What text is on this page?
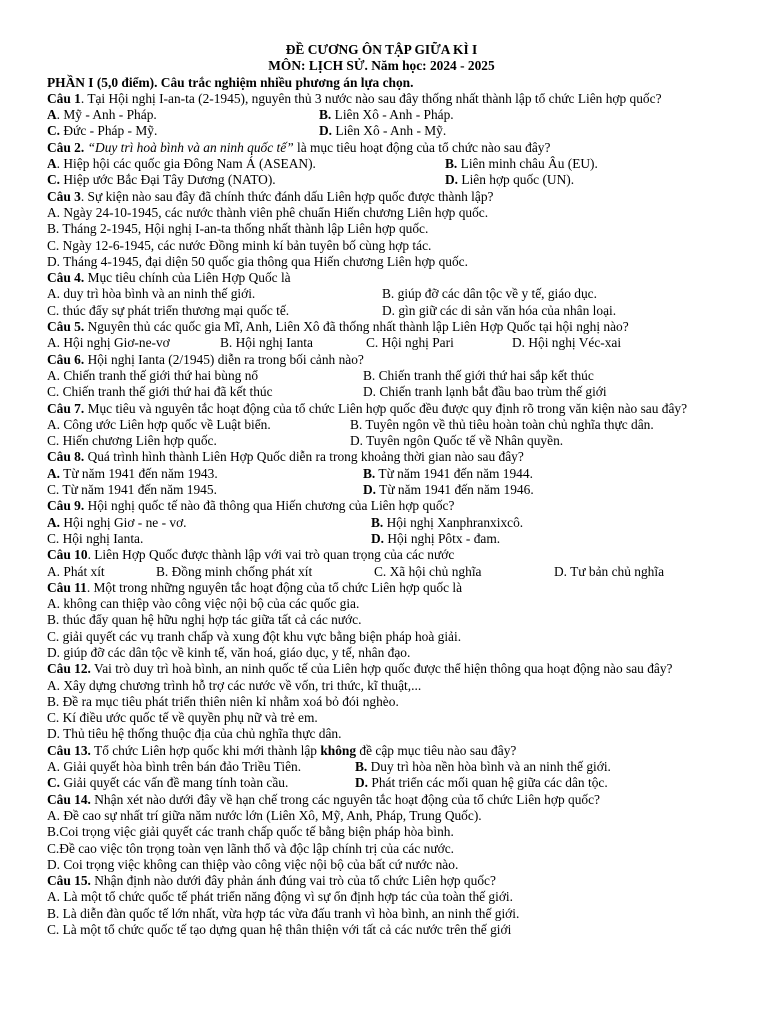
ĐỀ CƯƠNG ÔN TẬP GIỮA KÌ I
MÔN: LỊCH SỬ. Năm học: 2024 - 2025
PHẦN I (5,0 điểm). Câu trắc nghiệm nhiều phương án lựa chọn.
Câu 1. Tại Hội nghị I-an-ta (2-1945), nguyên thủ 3 nước nào sau đây thống nhất thành lập tổ chức Liên hợp quốc?
A. Mỹ - Anh - Pháp.	B. Liên Xô - Anh - Pháp.
C. Đức - Pháp - Mỹ.	D. Liên Xô - Anh - Mỹ.
Câu 2. “Duy trì hoà bình và an ninh quốc tế” là mục tiêu hoạt động của tổ chức nào sau đây?
A. Hiệp hội các quốc gia Đông Nam Á (ASEAN).	B. Liên minh châu Âu (EU).
C. Hiệp ước Bắc Đại Tây Dương (NATO).	D. Liên hợp quốc (UN).
Câu 3. Sự kiện nào sau đây đã chính thức đánh dấu Liên hợp quốc được thành lập?
A. Ngày 24-10-1945, các nước thành viên phê chuẩn Hiến chương Liên hợp quốc.
B. Tháng 2-1945, Hội nghị I-an-ta thống nhất thành lập Liên hợp quốc.
C. Ngày 12-6-1945, các nước Đồng minh kí bản tuyên bố cùng hợp tác.
D. Tháng 4-1945, đại diện 50 quốc gia thông qua Hiến chương Liên hợp quốc.
Câu 4. Mục tiêu chính của Liên Hợp Quốc là
A. duy trì hòa bình và an ninh thế giới.	B. giúp đỡ các dân tộc về y tế, giáo dục.
C. thúc đẩy sự phát triển thương mại quốc tế.	D. gìn giữ các di sản văn hóa của nhân loại.
Câu 5. Nguyên thủ các quốc gia Mĩ, Anh, Liên Xô đã thống nhất thành lập Liên Hợp Quốc tại hội nghị nào?
A. Hội nghị Giơ-ne-vơ	B. Hội nghị Ianta	C. Hội nghị Pari	D. Hội nghị Véc-xai
Câu 6. Hội nghị Ianta (2/1945) diễn ra trong bối cảnh nào?
A. Chiến tranh thế giới thứ hai bùng nổ	B. Chiến tranh thế giới thứ hai sắp kết thúc
C. Chiến tranh thế giới thứ hai đã kết thúc	D. Chiến tranh lạnh bắt đầu bao trùm thế giới
Câu 7. Mục tiêu và nguyên tắc hoạt động của tổ chức Liên hợp quốc đều được quy định rõ trong văn kiện nào sau đây?
A. Công ước Liên hợp quốc về Luật biển.	B. Tuyên ngôn về thủ tiêu hoàn toàn chủ nghĩa thực dân.
C. Hiến chương Liên hợp quốc.	D. Tuyên ngôn Quốc tế về Nhân quyền.
Câu 8. Quá trình hình thành Liên Hợp Quốc diễn ra trong khoảng thời gian nào sau đây?
A. Từ năm 1941 đến năm 1943.	B. Từ năm 1941 đến năm 1944.
C. Từ năm 1941 đến năm 1945.	D. Từ năm 1941 đến năm 1946.
Câu 9. Hội nghị quốc tế nào đã thông qua Hiến chương của Liên hợp quốc?
A. Hội nghị Giơ - ne - vơ.	B. Hội nghị Xanphranxixcô.
C. Hội nghị Ianta.	D. Hội nghị Pôtx - đam.
Câu 10. Liên Hợp Quốc được thành lập với vai trò quan trọng của các nước
A. Phát xít	B. Đồng minh chống phát xít	C. Xã hội chủ nghĩa	D. Tư bản chủ nghĩa
Câu 11. Một trong những nguyên tắc hoạt động của tổ chức Liên hợp quốc là
A. không can thiệp vào công việc nội bộ của các quốc gia.
B. thúc đẩy quan hệ hữu nghị hợp tác giữa tất cả các nước.
C. giải quyết các vụ tranh chấp và xung đột khu vực bằng biện pháp hoà giải.
D. giúp đỡ các dân tộc về kinh tế, văn hoá, giáo dục, y tế, nhân đạo.
Câu 12. Vai trò duy trì hoà bình, an ninh quốc tế của Liên hợp quốc được thể hiện thông qua hoạt động nào sau đây?
A. Xây dựng chương trình hỗ trợ các nước về vốn, tri thức, kĩ thuật,...
B. Đề ra mục tiêu phát triển thiên niên kỉ nhằm xoá bỏ đói nghèo.
C. Kí điều ước quốc tế về quyền phụ nữ và trẻ em.
D. Thủ tiêu hệ thống thuộc địa của chủ nghĩa thực dân.
Câu 13. Tổ chức Liên hợp quốc khi mới thành lập không đề cập mục tiêu nào sau đây?
A. Giải quyết hòa bình trên bán đảo Triều Tiên.	B. Duy trì hòa nền hòa bình và an ninh thế giới.
C. Giải quyết các vấn đề mang tính toàn cầu.	D. Phát triển các mối quan hệ giữa các dân tộc.
Câu 14. Nhận xét nào dưới đây về hạn chế trong các nguyên tắc hoạt động của tổ chức Liên hợp quốc?
A. Đề cao sự nhất trí giữa năm nước lớn (Liên Xô, Mỹ, Anh, Pháp, Trung Quốc).
B.Coi trọng việc giải quyết các tranh chấp quốc tế bằng biện pháp hòa bình.
C.Đề cao việc tôn trọng toàn vẹn lãnh thổ và độc lập chính trị của các nước.
D. Coi trọng việc không can thiệp vào công việc nội bộ của bất cứ nước nào.
Câu 15. Nhận định nào dưới đây phản ánh đúng vai trò của tổ chức Liên hợp quốc?
A. Là một tổ chức quốc tế phát triển năng động vì sự ổn định hợp tác của toàn thế giới.
B. Là diễn đàn quốc tế lớn nhất, vừa hợp tác vừa đấu tranh vì hòa bình, an ninh thế giới.
C. Là một tổ chức quốc tế tạo dựng quan hệ thân thiện với tất cả các nước trên thế giới
